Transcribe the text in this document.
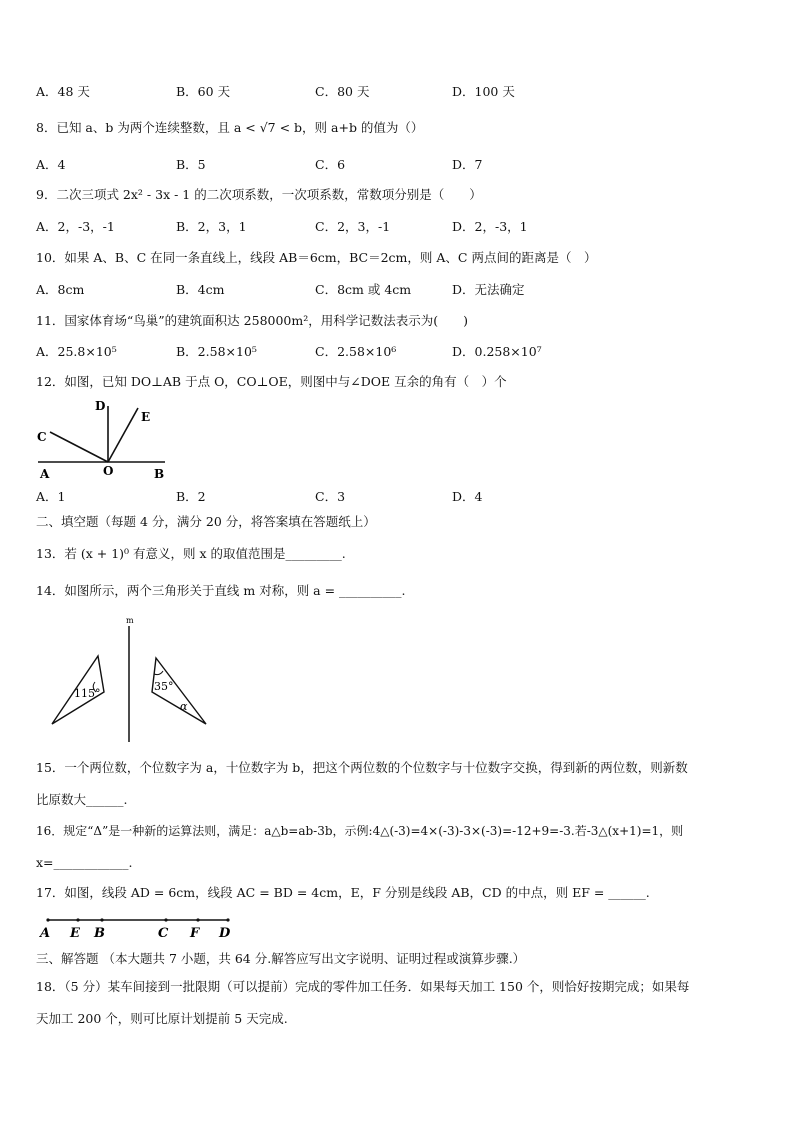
A．48 天	B．60 天	C．80 天	D．100 天
8．已知 a、b 为两个连续整数，且 a < √7 < b，则 a+b 的值为（）
A．4	B．5	C．6	D．7
9．二次三项式 2x² - 3x - 1 的二次项系数，一次项系数，常数项分别是（　　）
A．2，-3，-1	B．2，3，1	C．2，3，-1	D．2，-3，1
10．如果 A、B、C 在同一条直线上，线段 AB＝6cm，BC＝2cm，则 A、C 两点间的距离是（　）
A．8cm	B．4cm	C．8cm 或 4cm	D．无法确定
11．国家体育场“鸟巢”的建筑面积达 258000m²，用科学记数法表示为(　　)
A．25.8×10⁵	B．2.58×10⁵	C．2.58×10⁶	D．0.258×10⁷
12．如图，已知 DO⊥AB 于点 O，CO⊥OE，则图中与∠DOE 互余的角有（　）个
D
E
C
A	O	B
A．1	B．2	C．3	D．4
二、填空题（每题 4 分，满分 20 分，将答案填在答题纸上）
13．若 (x + 1)⁰ 有意义，则 x 的取值范围是_________.
14．如图所示，两个三角形关于直线 m 对称，则 a = __________.
m
115°
35°
α
15．一个两位数，个位数字为 a，十位数字为 b，把这个两位数的个位数字与十位数字交换，得到新的两位数，则新数
比原数大______.
16．规定“Δ”是一种新的运算法则，满足：a△b=ab-3b，示例:4△(-3)=4×(-3)-3×(-3)=-12+9=-3.若-3△(x+1)=1，则
x=____________.
17．如图，线段 AD = 6cm，线段 AC = BD = 4cm，E，F 分别是线段 AB，CD 的中点，则 EF = ______.
A E B	C F D
三、解答题 （本大题共 7 小题，共 64 分.解答应写出文字说明、证明过程或演算步骤.）
18．（5 分）某车间接到一批限期（可以提前）完成的零件加工任务．如果每天加工 150 个，则恰好按期完成；如果每
天加工 200 个，则可比原计划提前 5 天完成.
